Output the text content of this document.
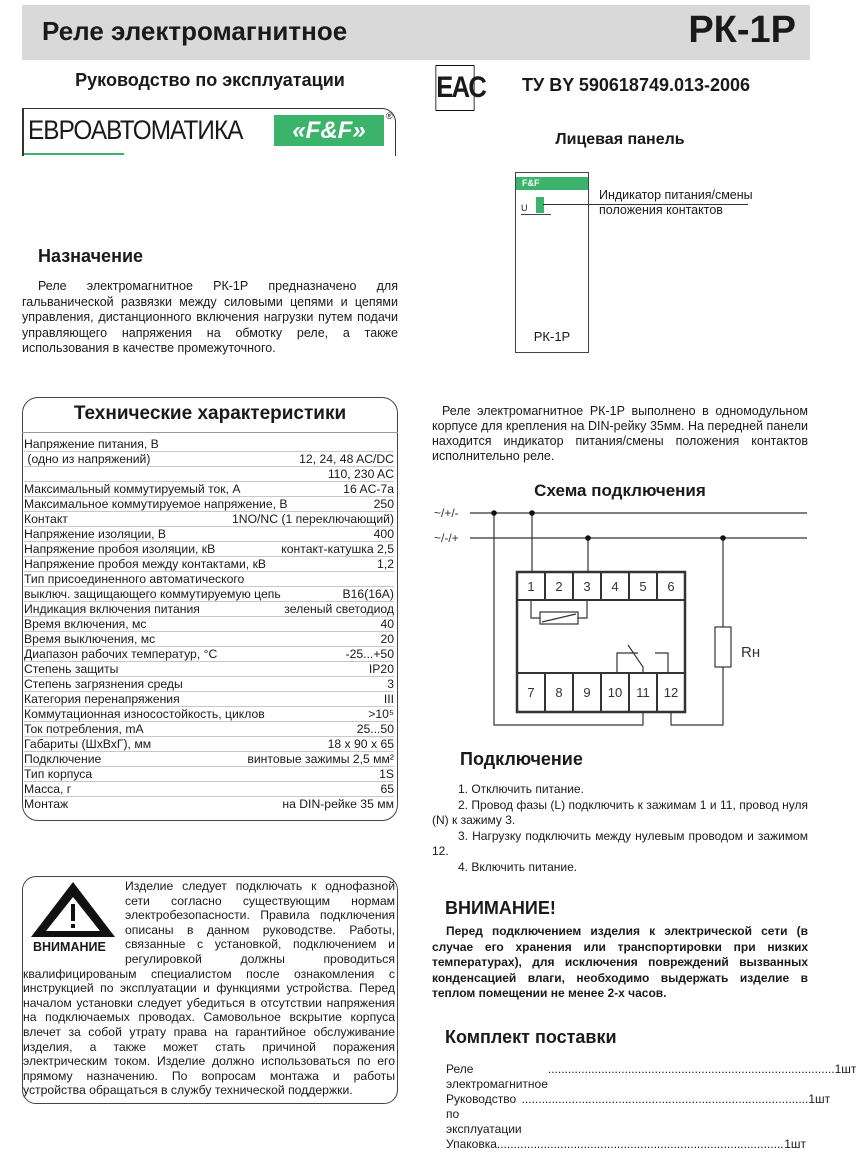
Реле электромагнитное	РК-1Р
Руководство по эксплуатации
ЕВРОАВТОМАТИКА	«F&F»
®
EAC ТУ BY 590618749.013-2006
Лицевая панель
F&F
U
РК-1Р
Индикатор питания/смены
положения контактов
Назначение

Реле электромагнитное РК-1Р предназначено для гальванической развязки между силовыми цепями и цепями управления, дистанционного включения нагрузки путем подачи управляющего напряжения на обмотку реле, а также использования в качестве промежуточного.

Технические характеристики
Напряжение питания, В
(одно из напряжений)	12, 24, 48 AC/DC
110, 230 AC
Максимальный коммутируемый ток, А	16 AC-7a
Максимальное коммутируемое напряжение, В	250
Контакт	1NO/NC (1 переключающий)
Напряжение изоляции, В	400
Напряжение пробоя изоляции, кВ	контакт-катушка 2,5
Напряжение пробоя между контактами, кВ	1,2
Тип присоединенного автоматического
выключ. защищающего коммутируемую цепь	B16(16A)
Индикация включения питания	зеленый светодиод
Время включения, мс	40
Время выключения, мс	20
Диапазон рабочих температур, °С	-25...+50
Степень защиты	IP20
Степень загрязнения среды	3
Категория перенапряжения	III
Коммутационная износостойкость, циклов	>10⁵
Ток потребления, mA	25...50
Габариты (ШхВхГ), мм	18 х 90 х 65
Подключение	винтовые зажимы 2,5 мм²
Тип корпуса	1S
Масса, г	65
Монтаж	на DIN-рейке 35 мм

Реле электромагнитное РК-1Р выполнено в одномодульном корпусе для крепления на DIN-рейку 35мм. На передней панели находится индикатор питания/смены положения контактов исполнительно реле.

Схема подключения
~/+/-
~/-/+
Rн
1 2 3 4 5 6
7 8 9 10 11 12
Подключение
1. Отключить питание.
2. Провод фазы (L) подключить к зажимам 1 и 11, провод нуля (N) к зажиму 3.
3. Нагрузку подключить между нулевым проводом и зажимом 12.
4. Включить питание.
ВНИМАНИЕ

Изделие следует подключать к однофазной сети согласно существующим нормам электробезопасности. Правила подключения описаны в данном руководстве. Работы, связанные с установкой, подключением и регулировкой должны проводиться квалифицированым специалистом после ознакомления с инструкцией по эксплуатации и функциями устройства. Перед началом установки следует убедиться в отсутствии напряжения на подключаемых проводах. Самовольное вскрытие корпуса влечет за собой утрату права на гарантийное обслуживание изделия, а также может стать причиной поражения электрическим током. Изделие должно использоваться по его прямому назначению. По вопросам монтажа и работы устройства обращаться в службу технической поддержки.

ВНИМАНИЕ!

Перед подключением изделия к электрической сети (в случае его хранения или транспортировки при низких температурах), для исключения повреждений вызванных конденсацией влаги, необходимо выдержать изделие в теплом помещении не менее 2-х часов.

Комплект поставки
Реле электромагнитное
...................................................................................... 1шт
Руководство по эксплуатации
...................................................................................... 1шт
Упаковка ...................................................................................... 1шт
